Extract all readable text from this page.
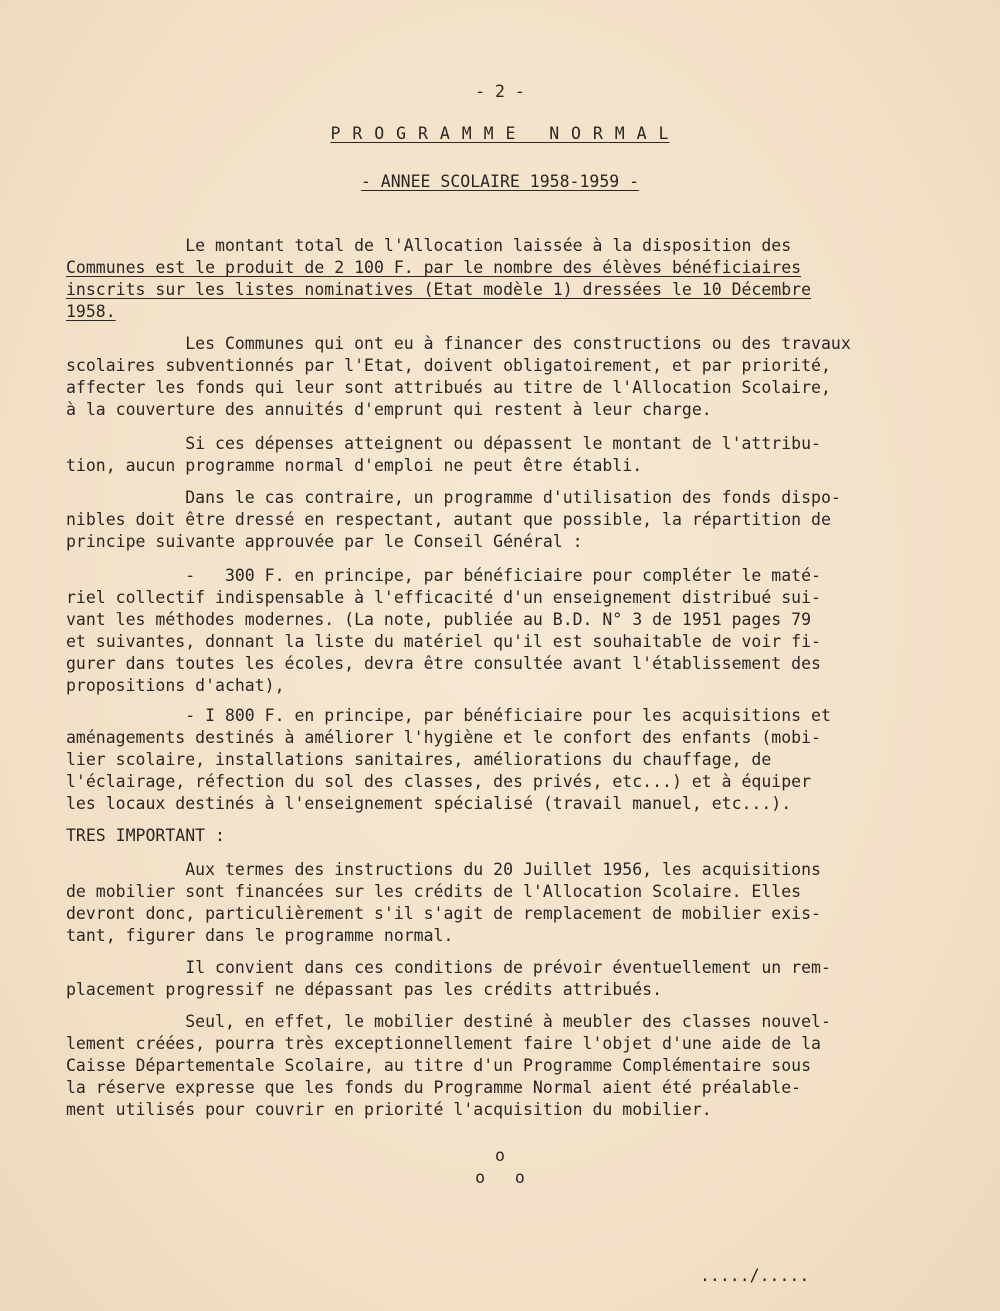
- 2 -
P R O G R A M M E   N O R M A L
- ANNEE SCOLAIRE 1958-1959 -
Le montant total de l'Allocation laissée à la disposition des
Communes est le produit de 2 100 F. par le nombre des élèves bénéficiaires
inscrits sur les listes nominatives (Etat modèle 1) dressées le 10 Décembre
1958.
Les Communes qui ont eu à financer des constructions ou des travaux
scolaires subventionnés par l'Etat, doivent obligatoirement, et par priorité,
affecter les fonds qui leur sont attribués au titre de l'Allocation Scolaire,
à la couverture des annuités d'emprunt qui restent à leur charge.
Si ces dépenses atteignent ou dépassent le montant de l'attribu-
tion, aucun programme normal d'emploi ne peut être établi.
Dans le cas contraire, un programme d'utilisation des fonds dispo-
nibles doit être dressé en respectant, autant que possible, la répartition de
principe suivante approuvée par le Conseil Général :
-   300 F. en principe, par bénéficiaire pour compléter le maté-
riel collectif indispensable à l'efficacité d'un enseignement distribué sui-
vant les méthodes modernes. (La note, publiée au B.D. N° 3 de 1951 pages 79
et suivantes, donnant la liste du matériel qu'il est souhaitable de voir fi-
gurer dans toutes les écoles, devra être consultée avant l'établissement des
propositions d'achat),
- I 800 F. en principe, par bénéficiaire pour les acquisitions et
aménagements destinés à améliorer l'hygiène et le confort des enfants (mobi-
lier scolaire, installations sanitaires, améliorations du chauffage, de
l'éclairage, réfection du sol des classes, des privés, etc...) et à équiper
les locaux destinés à l'enseignement spécialisé (travail manuel, etc...).
TRES IMPORTANT :
Aux termes des instructions du 20 Juillet 1956, les acquisitions
de mobilier sont financées sur les crédits de l'Allocation Scolaire. Elles
devront donc, particulièrement s'il s'agit de remplacement de mobilier exis-
tant, figurer dans le programme normal.
Il convient dans ces conditions de prévoir éventuellement un rem-
placement progressif ne dépassant pas les crédits attribués.
Seul, en effet, le mobilier destiné à meubler des classes nouvel-
lement créées, pourra très exceptionnellement faire l'objet d'une aide de la
Caisse Départementale Scolaire, au titre d'un Programme Complémentaire sous
la réserve expresse que les fonds du Programme Normal aient été préalable-
ment utilisés pour couvrir en priorité l'acquisition du mobilier.
o
o   o
...../.....
